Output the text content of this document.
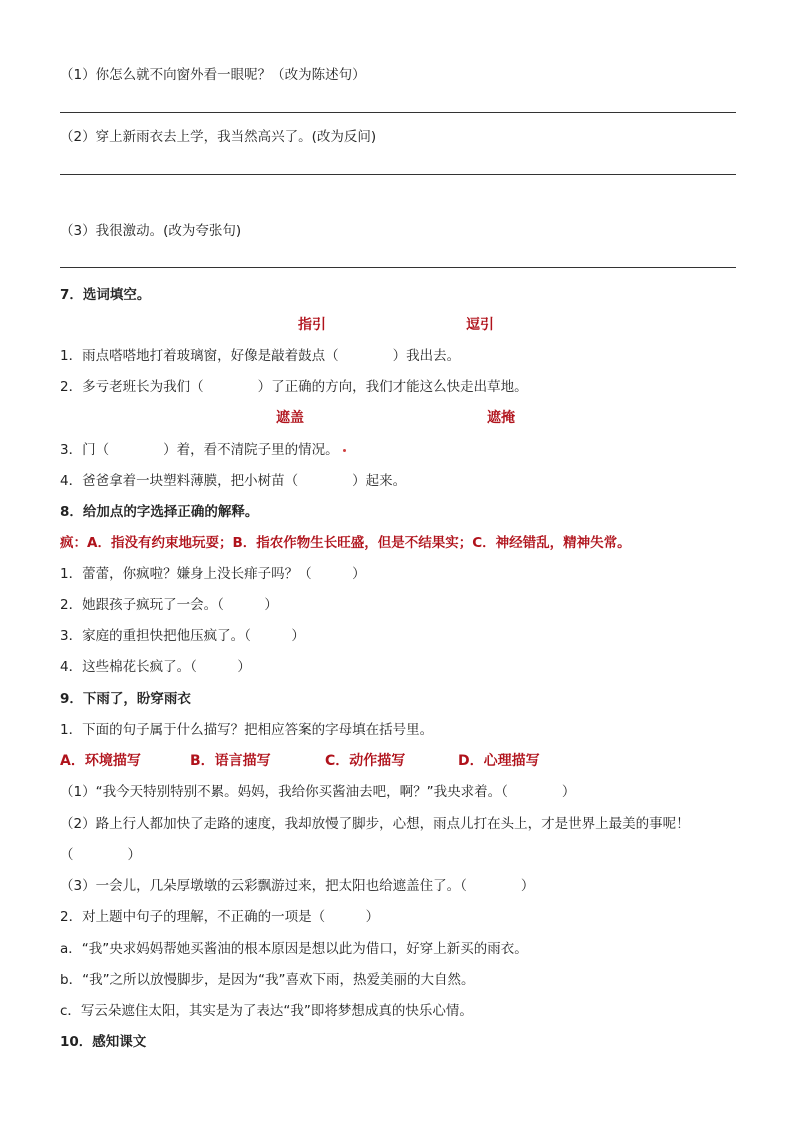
（1）你怎么就不向窗外看一眼呢？（改为陈述句）
（2）穿上新雨衣去上学，我当然高兴了。(改为反问)
（3）我很激动。(改为夸张句)
7．选词填空。
指引	逗引
1．雨点嗒嗒地打着玻璃窗，好像是敲着鼓点（　　　　）我出去。
2．多亏老班长为我们（　　　　）了正确的方向，我们才能这么快走出草地。
遮盖	遮掩
3．门（　　　　）着，看不清院子里的情况。
4．爸爸拿着一块塑料薄膜，把小树苗（　　　　）起来。
8．给加点的字选择正确的解释。
疯：A．指没有约束地玩耍；B．指农作物生长旺盛，但是不结果实；C．神经错乱，精神失常。
1．蕾蕾，你疯啦？嫌身上没长痱子吗？（　　　）
2．她跟孩子疯玩了一会。（　　　）
3．家庭的重担快把他压疯了。（　　　）
4．这些棉花长疯了。（　　　）
9．下雨了，盼穿雨衣
1．下面的句子属于什么描写？把相应答案的字母填在括号里。
A．环境描写	B．语言描写	C．动作描写	D．心理描写
（1）“我今天特别特别不累。妈妈，我给你买酱油去吧，啊？”我央求着。（　　　　）
（2）路上行人都加快了走路的速度，我却放慢了脚步，心想，雨点儿打在头上，才是世界上最美的事呢！
（　　　　）
（3）一会儿，几朵厚墩墩的云彩飘游过来，把太阳也给遮盖住了。（　　　　）
2．对上题中句子的理解，不正确的一项是（　　　）
a．“我”央求妈妈帮她买酱油的根本原因是想以此为借口，好穿上新买的雨衣。
b．“我”之所以放慢脚步，是因为“我”喜欢下雨，热爱美丽的大自然。
c．写云朵遮住太阳，其实是为了表达“我”即将梦想成真的快乐心情。
10．感知课文
